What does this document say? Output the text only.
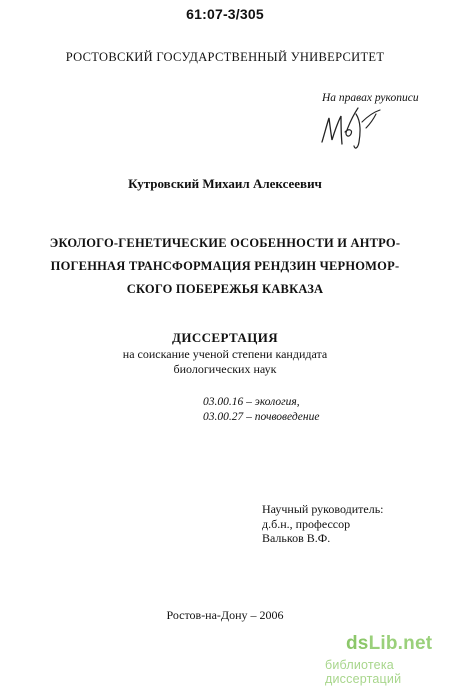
61:07-3/305
РОСТОВСКИЙ ГОСУДАРСТВЕННЫЙ УНИВЕРСИТЕТ
На правах рукописи
Кутровский Михаил Алексеевич
ЭКОЛОГО-ГЕНЕТИЧЕСКИЕ ОСОБЕННОСТИ И АНТРО-
ПОГЕННАЯ ТРАНСФОРМАЦИЯ РЕНДЗИН ЧЕРНОМОР-
СКОГО ПОБЕРЕЖЬЯ КАВКАЗА
ДИССЕРТАЦИЯ
на соискание ученой степени кандидата
биологических наук
03.00.16 – экология,
03.00.27 – почвоведение
Научный руководитель:
д.б.н., профессор
Вальков В.Ф.
Ростов-на-Дону – 2006
dsLib.net
библиотека диссертаций
